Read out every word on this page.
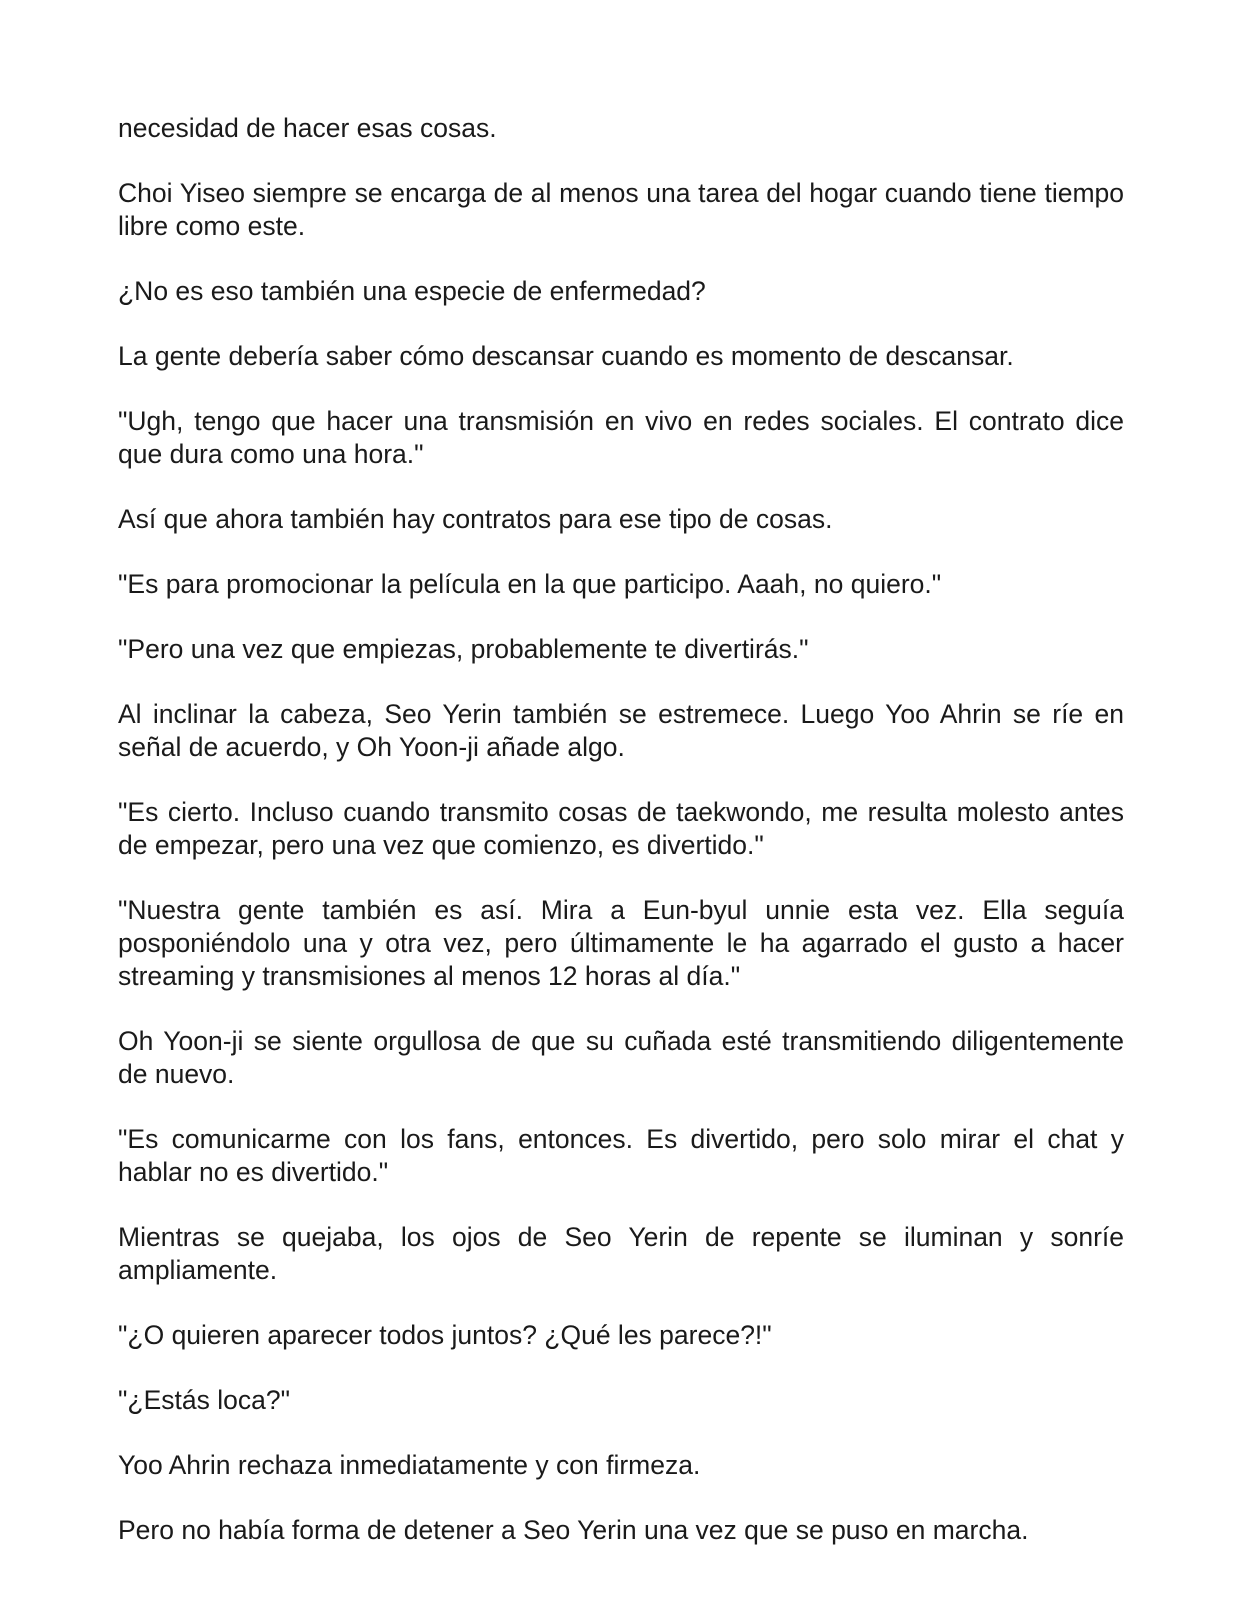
necesidad de hacer esas cosas.

Choi Yiseo siempre se encarga de al menos una tarea del hogar cuando tiene tiempo libre como este.

¿No es eso también una especie de enfermedad?

La gente debería saber cómo descansar cuando es momento de descansar.

"Ugh, tengo que hacer una transmisión en vivo en redes sociales. El contrato dice que dura como una hora."

Así que ahora también hay contratos para ese tipo de cosas.

"Es para promocionar la película en la que participo. Aaah, no quiero."

"Pero una vez que empiezas, probablemente te divertirás."

Al inclinar la cabeza, Seo Yerin también se estremece. Luego Yoo Ahrin se ríe en señal de acuerdo, y Oh Yoon-ji añade algo.

"Es cierto. Incluso cuando transmito cosas de taekwondo, me resulta molesto antes de empezar, pero una vez que comienzo, es divertido."

"Nuestra gente también es así. Mira a Eun-byul unnie esta vez. Ella seguía posponiéndolo una y otra vez, pero últimamente le ha agarrado el gusto a hacer streaming y transmisiones al menos 12 horas al día."

Oh Yoon-ji se siente orgullosa de que su cuñada esté transmitiendo diligentemente de nuevo.

"Es comunicarme con los fans, entonces. Es divertido, pero solo mirar el chat y hablar no es divertido."

Mientras se quejaba, los ojos de Seo Yerin de repente se iluminan y sonríe ampliamente.

"¿O quieren aparecer todos juntos? ¿Qué les parece?!"

"¿Estás loca?"

Yoo Ahrin rechaza inmediatamente y con firmeza.

Pero no había forma de detener a Seo Yerin una vez que se puso en marcha.
